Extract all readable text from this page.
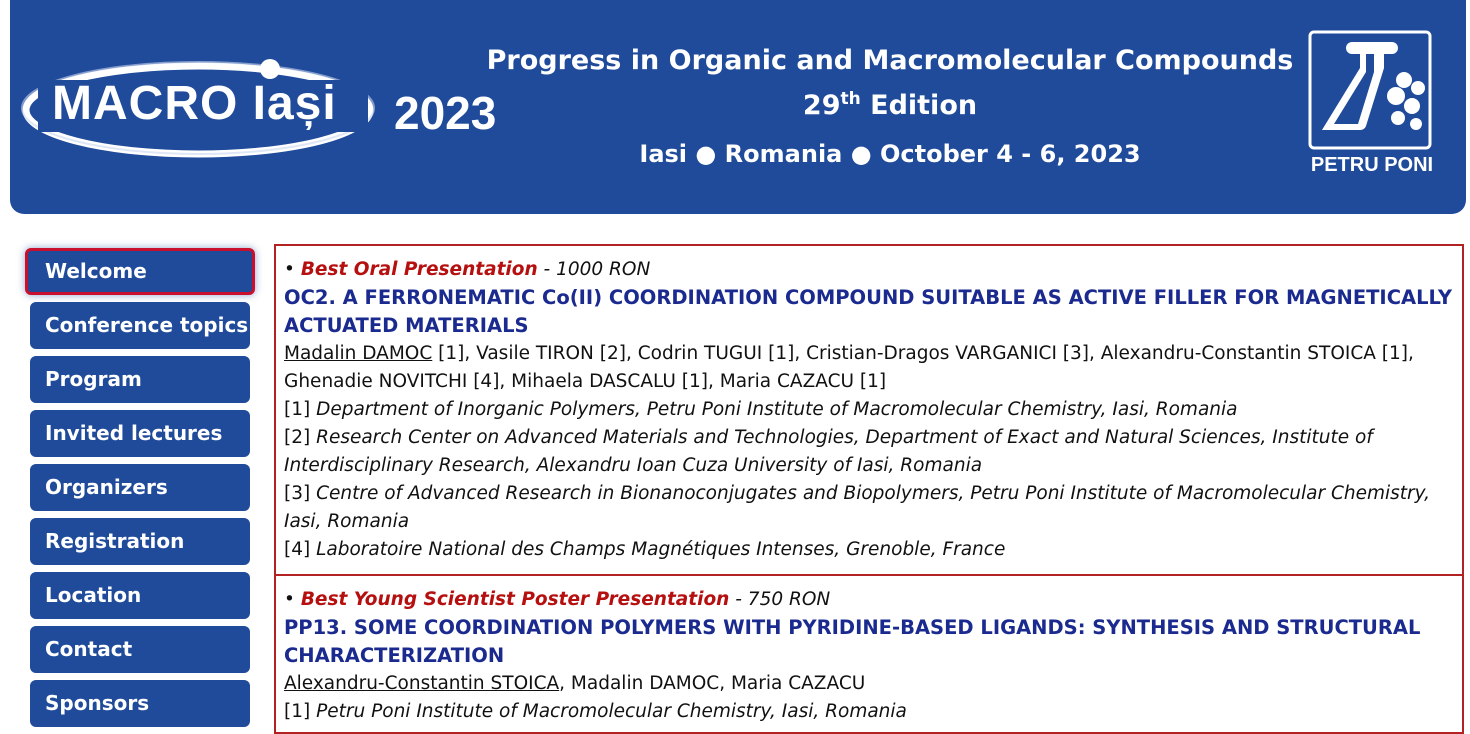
MACRO Iași 2023
Progress in Organic and Macromolecular Compounds
29th Edition
Iasi ● Romania ● October 4 - 6, 2023	PETRU PONI
Welcome
Conference topics
Program
Invited lectures
Organizers
Registration
Location
Contact
Sponsors
• Best Oral Presentation - 1000 RON
OC2. A FERRONEMATIC Co(II) COORDINATION COMPOUND SUITABLE AS ACTIVE FILLER FOR MAGNETICALLY ACTUATED MATERIALS
Madalin DAMOC [1], Vasile TIRON [2], Codrin TUGUI [1], Cristian-Dragos VARGANICI [3], Alexandru-Constantin STOICA [1], Ghenadie NOVITCHI [4], Mihaela DASCALU [1], Maria CAZACU [1]
[1] Department of Inorganic Polymers, Petru Poni Institute of Macromolecular Chemistry, Iasi, Romania
[2] Research Center on Advanced Materials and Technologies, Department of Exact and Natural Sciences, Institute of Interdisciplinary Research, Alexandru Ioan Cuza University of Iasi, Romania
[3] Centre of Advanced Research in Bionanoconjugates and Biopolymers, Petru Poni Institute of Macromolecular Chemistry, Iasi, Romania
[4] Laboratoire National des Champs Magnétiques Intenses, Grenoble, France
• Best Young Scientist Poster Presentation - 750 RON
PP13. SOME COORDINATION POLYMERS WITH PYRIDINE-BASED LIGANDS: SYNTHESIS AND STRUCTURAL CHARACTERIZATION
Alexandru-Constantin STOICA, Madalin DAMOC, Maria CAZACU
[1] Petru Poni Institute of Macromolecular Chemistry, Iasi, Romania
